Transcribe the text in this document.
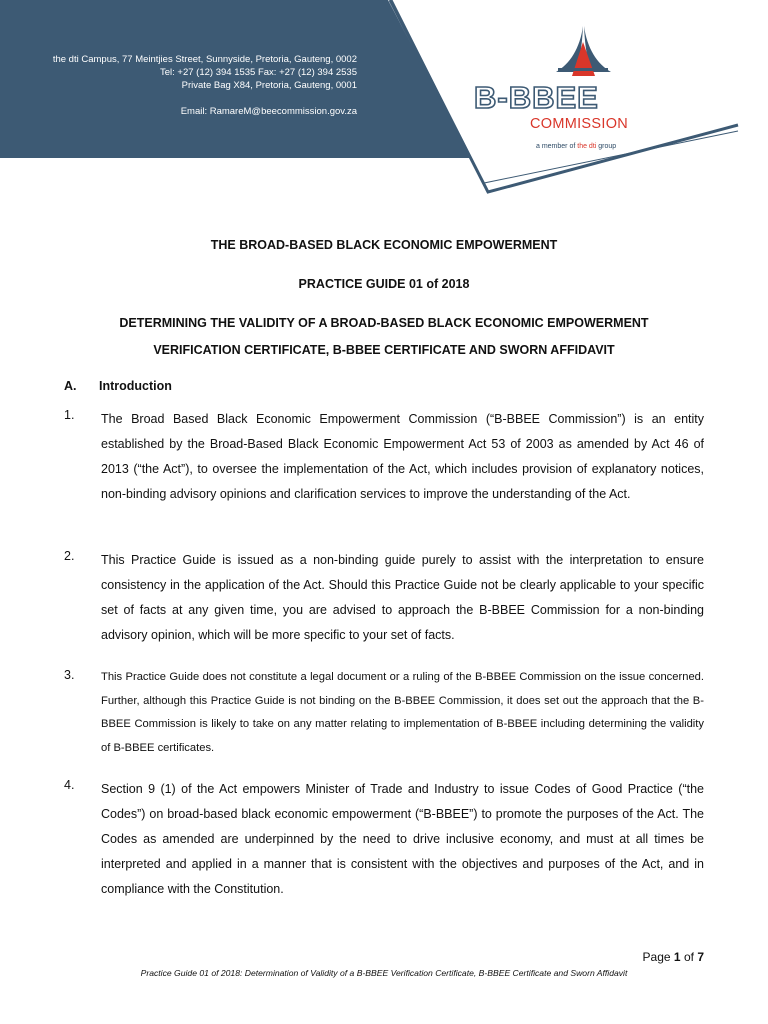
the dti Campus, 77 Meintjies Street, Sunnyside, Pretoria, Gauteng, 0002
Tel: +27 (12) 394 1535 Fax: +27 (12) 394 2535
Private Bag X84, Pretoria, Gauteng, 0001
Email: RamareM@beecommission.gov.za	B-BBEE
COMMISSION
a member of the dti group
THE BROAD-BASED BLACK ECONOMIC EMPOWERMENT
PRACTICE GUIDE 01 of 2018
DETERMINING THE VALIDITY OF A BROAD-BASED BLACK ECONOMIC EMPOWERMENT
VERIFICATION CERTIFICATE, B-BBEE CERTIFICATE AND SWORN AFFIDAVIT
A. Introduction
1. The Broad Based Black Economic Empowerment Commission (“B-BBEE Commission”) is an entity established by the Broad-Based Black Economic Empowerment Act 53 of 2003 as amended by Act 46 of 2013 (“the Act”), to oversee the implementation of the Act, which includes provision of explanatory notices, non-binding advisory opinions and clarification services to improve the understanding of the Act.
2. This Practice Guide is issued as a non-binding guide purely to assist with the interpretation to ensure consistency in the application of the Act. Should this Practice Guide not be clearly applicable to your specific set of facts at any given time, you are advised to approach the B-BBEE Commission for a non-binding advisory opinion, which will be more specific to your set of facts.
3. This Practice Guide does not constitute a legal document or a ruling of the B-BBEE Commission on the issue concerned. Further, although this Practice Guide is not binding on the B-BBEE Commission, it does set out the approach that the B-BBEE Commission is likely to take on any matter relating to implementation of B-BBEE including determining the validity of B-BBEE certificates.
4. Section 9 (1) of the Act empowers Minister of Trade and Industry to issue Codes of Good Practice (“the Codes”) on broad-based black economic empowerment (“B-BBEE”) to promote the purposes of the Act. The Codes as amended are underpinned by the need to drive inclusive economy, and must at all times be interpreted and applied in a manner that is consistent with the objectives and purposes of the Act, and in compliance with the Constitution.
Page 1 of 7
Practice Guide 01 of 2018: Determination of Validity of a B-BBEE Verification Certificate, B-BBEE Certificate and Sworn Affidavit
